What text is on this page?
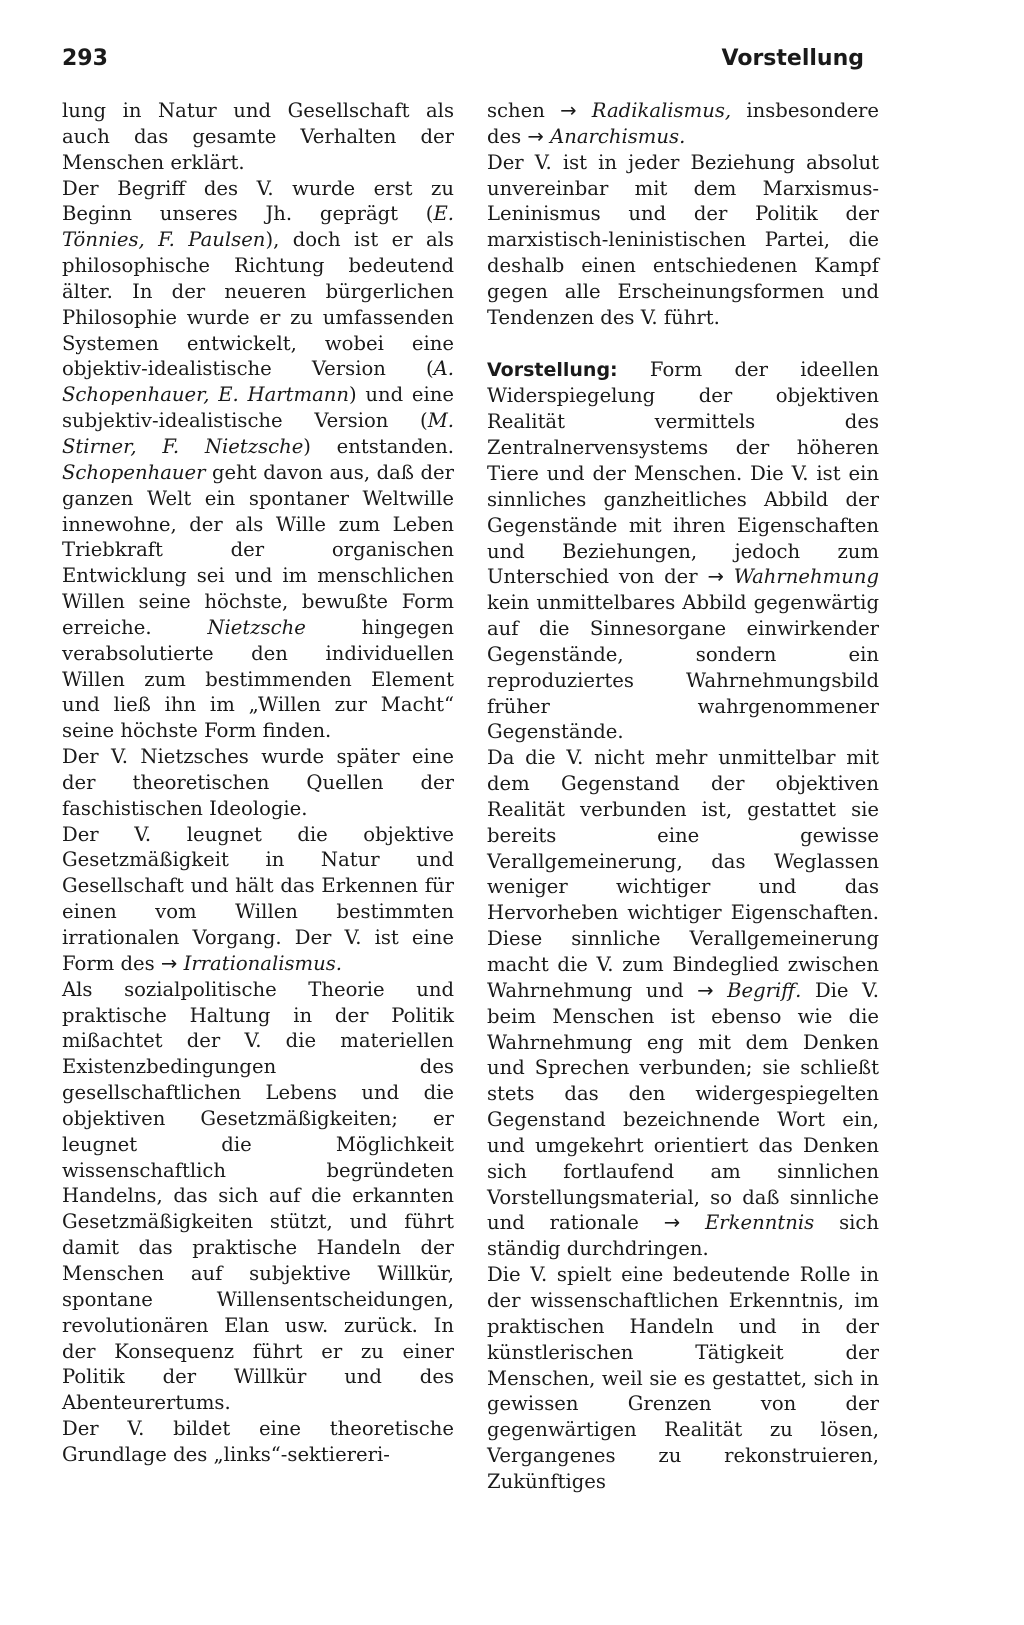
293	Vorstellung

lung in Natur und Gesellschaft als auch das gesamte Verhalten der Menschen erklärt.

Der Begriff des V. wurde erst zu Beginn unseres Jh. geprägt (E. Tönnies, F. Paulsen), doch ist er als philosophische Richtung bedeutend älter. In der neueren bürgerlichen Philosophie wurde er zu umfassenden Systemen entwickelt, wobei eine objektiv-idealistische Version (A. Schopenhauer, E. Hartmann) und eine subjektiv-idealistische Version (M. Stirner, F. Nietzsche) entstanden. Schopenhauer geht davon aus, daß der ganzen Welt ein spontaner Weltwille innewohne, der als Wille zum Leben Triebkraft der organischen Entwicklung sei und im menschlichen Willen seine höchste, bewußte Form erreiche. Nietzsche hingegen verabsolutierte den individuellen Willen zum bestimmenden Element und ließ ihn im „Willen zur Macht“ seine höchste Form finden.

Der V. Nietzsches wurde später eine der theoretischen Quellen der faschistischen Ideologie.

Der V. leugnet die objektive Gesetzmäßigkeit in Natur und Gesellschaft und hält das Erkennen für einen vom Willen bestimmten irrationalen Vorgang. Der V. ist eine Form des → Irrationalismus.

Als sozialpolitische Theorie und praktische Haltung in der Politik mißachtet der V. die materiellen Existenzbedingungen des gesellschaftlichen Lebens und die objektiven Gesetzmäßigkeiten; er leugnet die Möglichkeit wissenschaftlich begründeten Handelns, das sich auf die erkannten Gesetzmäßigkeiten stützt, und führt damit das praktische Handeln der Menschen auf subjektive Willkür, spontane Willensentscheidungen, revolutionären Elan usw. zurück. In der Konsequenz führt er zu einer Politik der Willkür und des Abenteurertums.

Der V. bildet eine theoretische Grundlage des „links“-sektiereri-

schen → Radikalismus, insbesondere des → Anarchismus.

Der V. ist in jeder Beziehung absolut unvereinbar mit dem Marxismus-Leninismus und der Politik der marxistisch-leninistischen Partei, die deshalb einen entschiedenen Kampf gegen alle Erscheinungsformen und Tendenzen des V. führt.

Vorstellung: Form der ideellen Widerspiegelung der objektiven Realität vermittels des Zentralnervensystems der höheren Tiere und der Menschen. Die V. ist ein sinnliches ganzheitliches Abbild der Gegenstände mit ihren Eigenschaften und Beziehungen, jedoch zum Unterschied von der → Wahrnehmung kein unmittelbares Abbild gegenwärtig auf die Sinnesorgane einwirkender Gegenstände, sondern ein reproduziertes Wahrnehmungsbild früher wahrgenommener Gegenstände.

Da die V. nicht mehr unmittelbar mit dem Gegenstand der objektiven Realität verbunden ist, gestattet sie bereits eine gewisse Verallgemeinerung, das Weglassen weniger wichtiger und das Hervorheben wichtiger Eigenschaften. Diese sinnliche Verallgemeinerung macht die V. zum Bindeglied zwischen Wahrnehmung und → Begriff. Die V. beim Menschen ist ebenso wie die Wahrnehmung eng mit dem Denken und Sprechen verbunden; sie schließt stets das den widergespiegelten Gegenstand bezeichnende Wort ein, und umgekehrt orientiert das Denken sich fortlaufend am sinnlichen Vorstellungsmaterial, so daß sinnliche und rationale → Erkenntnis sich ständig durchdringen.

Die V. spielt eine bedeutende Rolle in der wissenschaftlichen Erkenntnis, im praktischen Handeln und in der künstlerischen Tätigkeit der Menschen, weil sie es gestattet, sich in gewissen Grenzen von der gegenwärtigen Realität zu lösen, Vergangenes zu rekonstruieren, Zukünftiges
